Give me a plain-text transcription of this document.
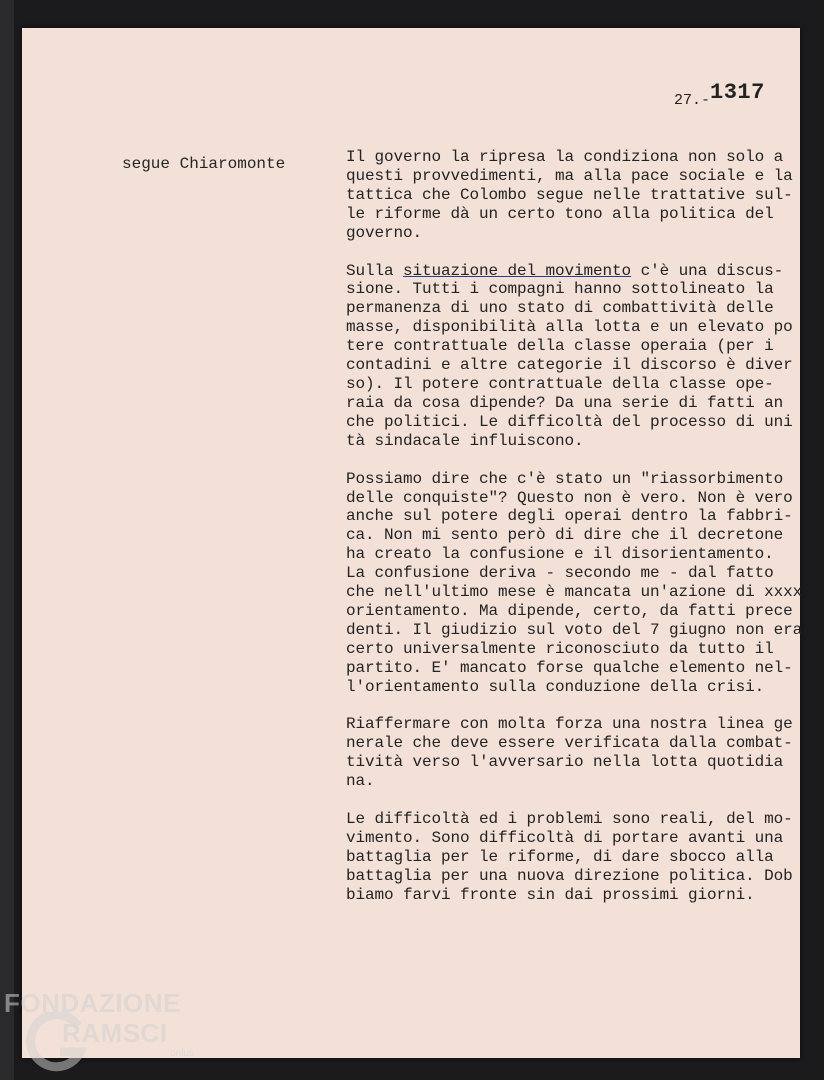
27.-1317
segue Chiaromonte	Il governo la ripresa la condiziona non solo a
questi provvedimenti, ma alla pace sociale e la
tattica che Colombo segue nelle trattative sul-
le riforme dà un certo tono alla politica del
governo.

Sulla situazione del movimento c'è una discus-
sione. Tutti i compagni hanno sottolineato la
permanenza di uno stato di combattività delle
masse, disponibilità alla lotta e un elevato po
tere contrattuale della classe operaia (per i
contadini e altre categorie il discorso è diver
so). Il potere contrattuale della classe ope-
raia da cosa dipende? Da una serie di fatti an
che politici. Le difficoltà del processo di uni
tà sindacale influiscono.

Possiamo dire che c'è stato un "riassorbimento
delle conquiste"? Questo non è vero. Non è vero
anche sul potere degli operai dentro la fabbri-
ca. Non mi sento però di dire che il decretone
ha creato la confusione e il disorientamento.
La confusione deriva - secondo me - dal fatto
che nell'ultimo mese è mancata un'azione di xxxx
orientamento. Ma dipende, certo, da fatti prece
denti. Il giudizio sul voto del 7 giugno non era
certo universalmente riconosciuto da tutto il
partito. E' mancato forse qualche elemento nel-
l'orientamento sulla conduzione della crisi.

Riaffermare con molta forza una nostra linea ge
nerale che deve essere verificata dalla combat-
tività verso l'avversario nella lotta quotidia
na.

Le difficoltà ed i problemi sono reali, del mo-
vimento. Sono difficoltà di portare avanti una
battaglia per le riforme, di dare sbocco alla
battaglia per una nuova direzione politica. Dob
biamo farvi fronte sin dai prossimi giorni.

FONDAZIONE
RAMSCI
onlus
